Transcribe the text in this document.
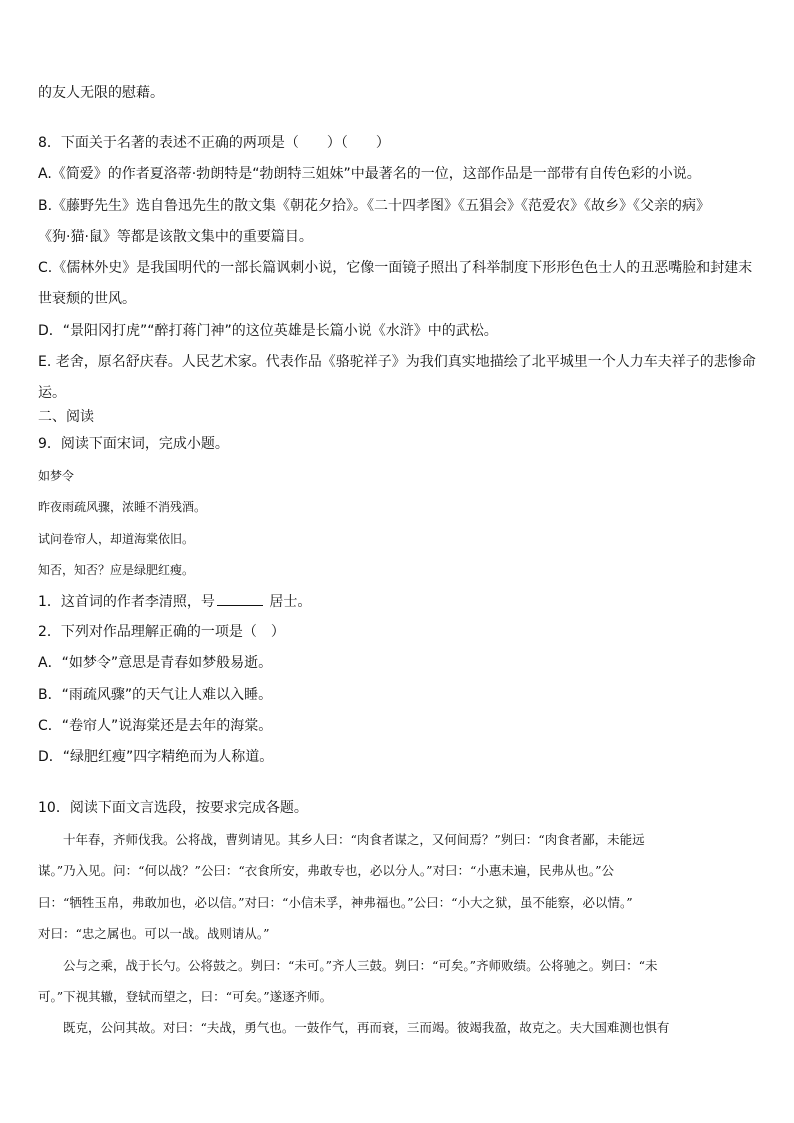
的友人无限的慰藉。
8．下面关于名著的表述不正确的两项是（　　）（　　）
A.《简爱》的作者夏洛蒂·勃朗特是“勃朗特三姐妹”中最著名的一位，这部作品是一部带有自传色彩的小说。
B.《藤野先生》选自鲁迅先生的散文集《朝花夕拾》。《二十四孝图》《五猖会》《范爱农》《故乡》《父亲的病》
《狗·猫·鼠》等都是该散文集中的重要篇目。
C.《儒林外史》是我国明代的一部长篇讽刺小说，它像一面镜子照出了科举制度下形形色色士人的丑恶嘴脸和封建末
世衰颓的世风。
D．“景阳冈打虎”“醉打蒋门神”的这位英雄是长篇小说《水浒》中的武松。
E. 老舍，原名舒庆春。人民艺术家。代表作品《骆驼祥子》为我们真实地描绘了北平城里一个人力车夫祥子的悲惨命
运。
二、阅读
9．阅读下面宋词，完成小题。
如梦令
昨夜雨疏风骤，浓睡不消残酒。
试问卷帘人，却道海棠依旧。
知否，知否？应是绿肥红瘦。
1．这首词的作者李清照，号	居士。
2．下列对作品理解正确的一项是（　）
A．“如梦令”意思是青春如梦般易逝。
B．“雨疏风骤”的天气让人难以入睡。
C．“卷帘人”说海棠还是去年的海棠。
D．“绿肥红瘦”四字精绝而为人称道。
10．阅读下面文言选段，按要求完成各题。
　　十年春，齐师伐我。公将战，曹刿请见。其乡人曰：“肉食者谋之，又何间焉？”刿曰：“肉食者鄙，未能远
谋。”乃入见。问：“何以战？”公曰：“衣食所安，弗敢专也，必以分人。”对曰：“小惠未遍，民弗从也。”公
曰：“牺牲玉帛，弗敢加也，必以信。”对曰：“小信未孚，神弗福也。”公曰：“小大之狱，虽不能察，必以情。”
对曰：“忠之属也。可以一战。战则请从。”
　　公与之乘，战于长勺。公将鼓之。刿曰：“未可。”齐人三鼓。刿曰：“可矣。”齐师败绩。公将驰之。刿曰：“未
可。”下视其辙，登轼而望之，曰：“可矣。”遂逐齐师。
　　既克，公问其故。对曰：“夫战，勇气也。一鼓作气，再而衰，三而竭。彼竭我盈，故克之。夫大国难测也惧有
